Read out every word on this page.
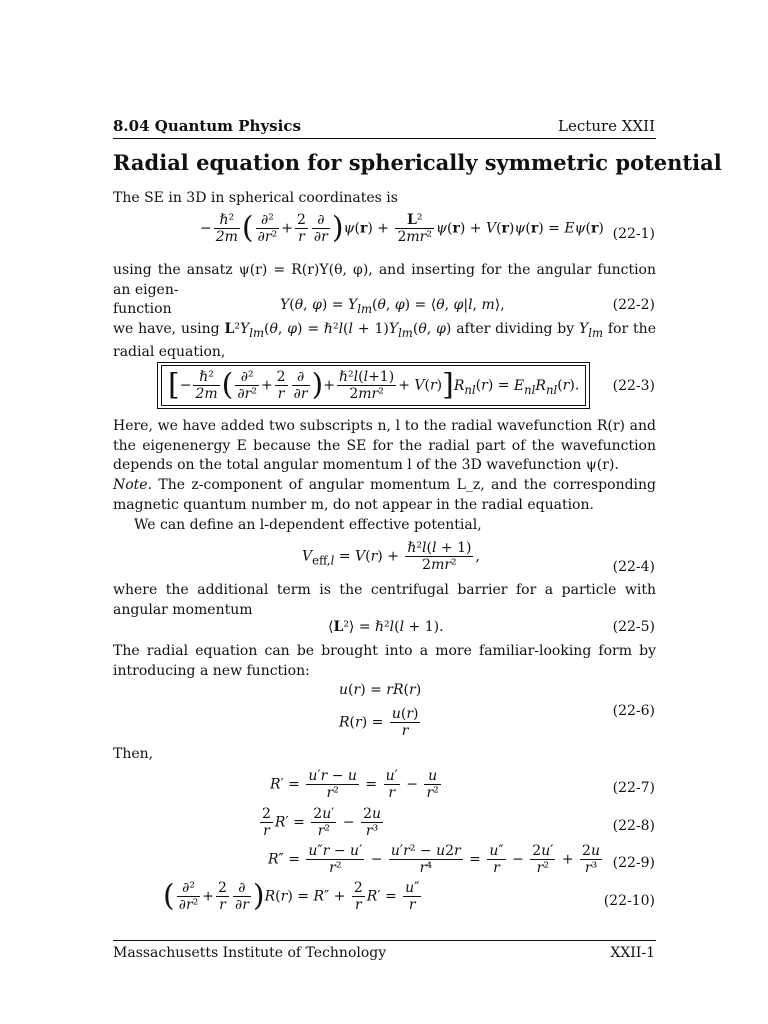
8.04 Quantum Physics	Lecture XXII
Radial equation for spherically symmetric potential
The SE in 3D in spherical coordinates is
− $\frac{\text{ℏ²}}{2m}$ ( $\frac{\text{∂²}}{\text{∂r²}} + \frac{2}{r} \frac{\partial}{\partial r} )\psi(r) + \frac{\text{L²}}{\text{2mr²}} \psi(r) + V(r)\psi(r) = E\psi(r)$ (22-1)
using the ansatz ψ(r) = R(r)Y(θ, φ), and inserting for the angular function an eigen-
function	Y(θ, $\varphi) = Y_{lm}(\theta$, φ) = ⟨θ, φ|l, m⟩,	(22-2)
we have, using $L^2Y_{lm}(\theta$, φ) = ℏ²l(l + $1)Y_{lm}(\theta$, φ) after dividing by $Y_{lm}$ for the radial equation,
[− $\frac{\text{ℏ²}}{2m}$ ( $\frac{\text{∂²}}{\text{∂r²}} + \frac{2}{r} \frac{\partial}{\partial r}$ )+ $\frac{\text{ℏ²l(l+1)}}{\text{2mr²}} + V(r)]R_{nl}(r) = E_{nl}R_{nl}(r)$.	(22-3)
Here, we have added two subscripts n, l to the radial wavefunction R(r) and the eigenenergy E because the SE for the radial part of the wavefunction depends on the total angular momentum l of the 3D wavefunction ψ(r).
Note. The z-component of angular momentum L_z, and the corresponding magnetic quantum number m, do not appear in the radial equation.
We can define an l-dependent effective potential,
$V_{eff,l} = V(r) + \frac{\text{ℏ²l(l + 1)}}{\text{2mr²}}$ ,
(22-4)
where the additional term is the centrifugal barrier for a particle with angular momentum
⟨L²⟩ = ℏ²l(l + 1).	(22-5)
The radial equation can be brought into a more familiar-looking form by introducing a new function:
u(r) = rR(r)
$R(r) = \frac{u(r)}{r}$	(22-6)
Then,
$R' = \frac{u'r - u}{\text{r²}} = \frac{u'}{r} - \frac{u}{\text{r²}}$	(22-7)
$\frac{2}{r} R' = \frac{2u'}{\text{r²}} - \frac{2u}{\text{r³}}$	(22-8)
$R'' = \frac{u''r - u'}{\text{r²}} - \frac{\text{u′r² − u2r}}{\text{r⁴}} = \frac{u''}{r} - \frac{2u'}{\text{r²}} + \frac{2u}{\text{r³}} (22-9)$
( $\frac{\text{∂²}}{\text{∂r²}} + \frac{2}{r} \frac{\partial}{\partial r} )R(r) = R'' + \frac{2}{r} R' = \frac{u''}{r}$	(22-10)
Massachusetts Institute of Technology	XXII-1
